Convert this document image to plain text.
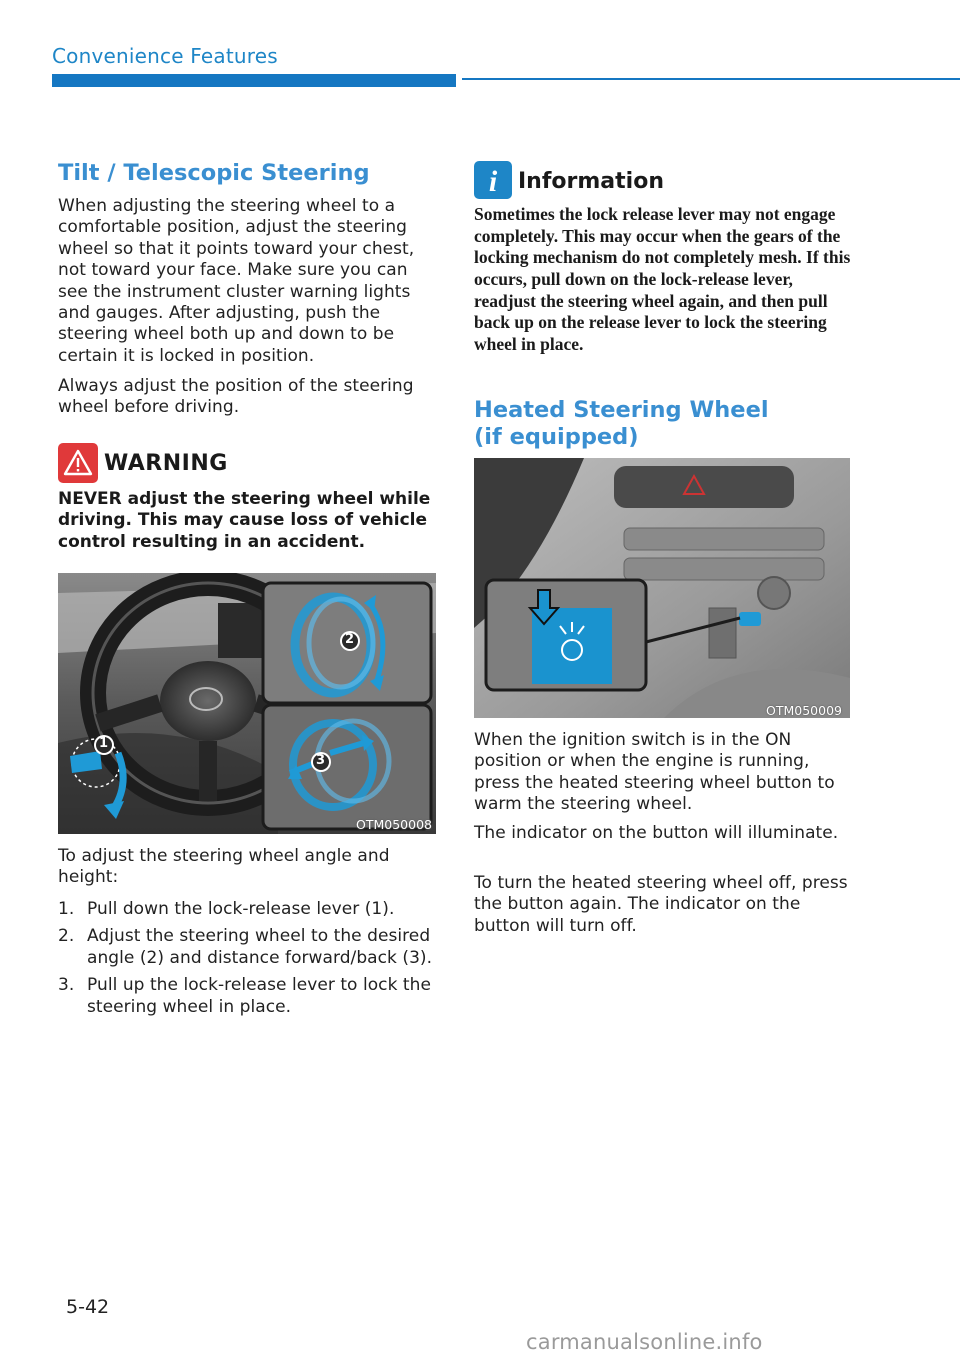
Convenience Features
Tilt / Telescopic Steering
When adjusting the steering wheel to a comfortable position, adjust the steering wheel so that it points toward your chest, not toward your face. Make sure you can see the instrument cluster warning lights and gauges. After adjusting, push the steering wheel both up and down to be certain it is locked in position.
Always adjust the position of the steering wheel before driving.
WARNING
NEVER adjust the steering wheel while driving. This may cause loss of vehicle control resulting in an accident.
1
2
3
OTM050008
To adjust the steering wheel angle and height:
1. Pull down the lock-release lever (1).
2. Adjust the steering wheel to the desired angle (2) and distance forward/back (3).
3. Pull up the lock-release lever to lock the steering wheel in place.
i Information
Sometimes the lock release lever may not engage completely. This may occur when the gears of the locking mechanism do not completely mesh. If this occurs, pull down on the lock-release lever, readjust the steering wheel again, and then pull back up on the release lever to lock the steering wheel in place.
Heated Steering Wheel
(if equipped)
OTM050009
When the ignition switch is in the ON position or when the engine is running, press the heated steering wheel button to warm the steering wheel.
The indicator on the button will illuminate.
To turn the heated steering wheel off, press the button again. The indicator on the button will turn off.
5-42
carmanualsonline.info
